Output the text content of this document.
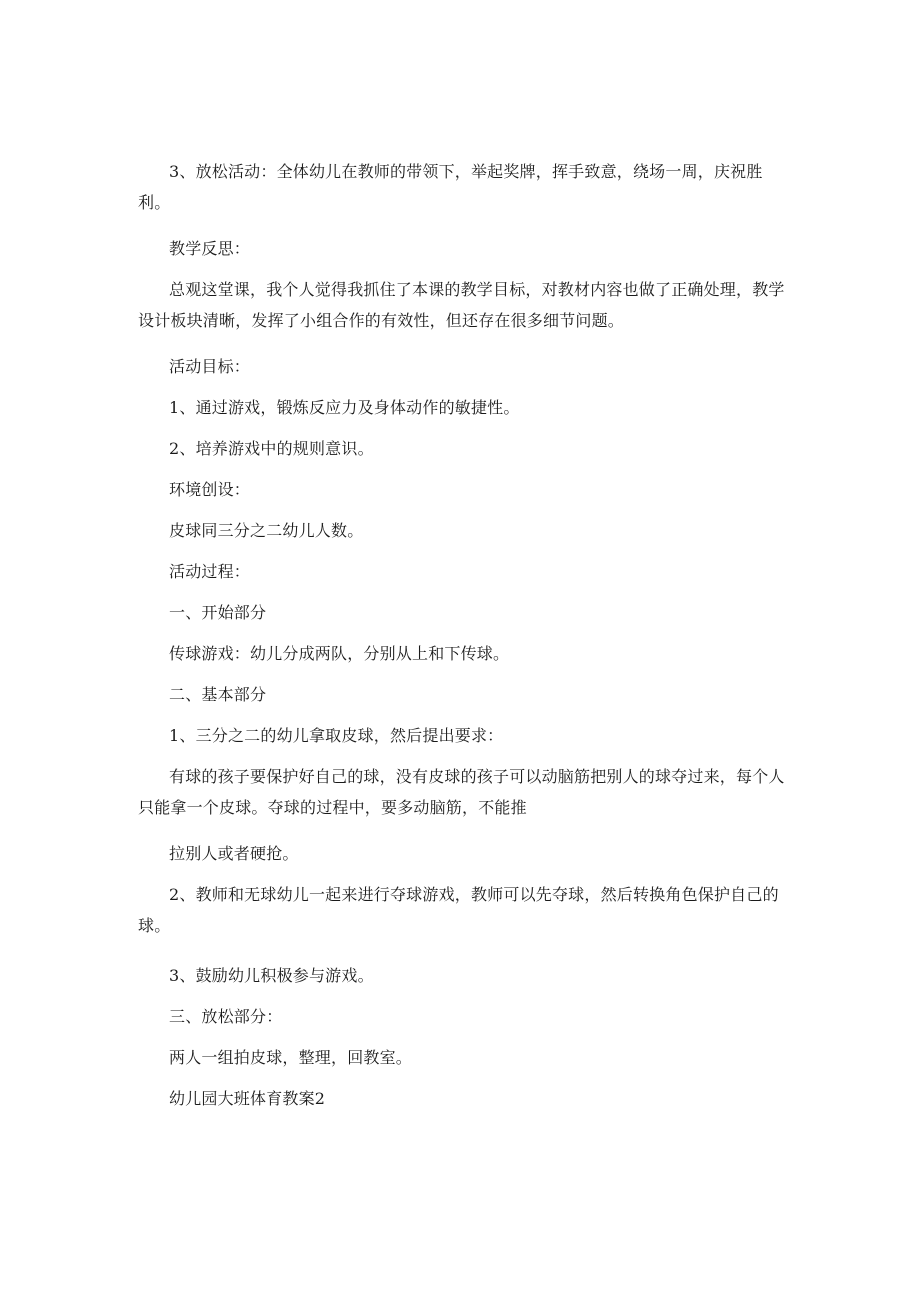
3、放松活动：全体幼儿在教师的带领下，举起奖牌，挥手致意，绕场一周，庆祝胜利。

教学反思：

总观这堂课，我个人觉得我抓住了本课的教学目标，对教材内容也做了正确处理，教学设计板块清晰，发挥了小组合作的有效性，但还存在很多细节问题。

活动目标：

1、通过游戏，锻炼反应力及身体动作的敏捷性。

2、培养游戏中的规则意识。

环境创设：

皮球同三分之二幼儿人数。

活动过程：

一、开始部分

传球游戏：幼儿分成两队，分别从上和下传球。

二、基本部分

1、三分之二的幼儿拿取皮球，然后提出要求：

有球的孩子要保护好自己的球，没有皮球的孩子可以动脑筋把别人的球夺过来，每个人只能拿一个皮球。夺球的过程中，要多动脑筋，不能推

拉别人或者硬抢。

2、教师和无球幼儿一起来进行夺球游戏，教师可以先夺球，然后转换角色保护自己的球。

3、鼓励幼儿积极参与游戏。

三、放松部分：

两人一组拍皮球，整理，回教室。

幼儿园大班体育教案2
